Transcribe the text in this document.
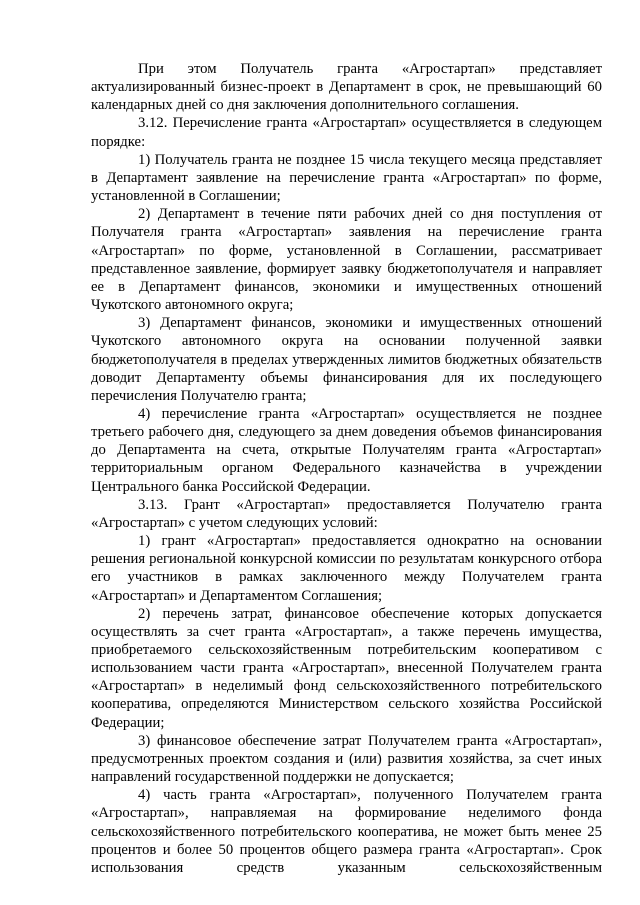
При этом Получатель гранта «Агростартап» представляет актуализированный бизнес-проект в Департамент в срок, не превышающий 60 календарных дней со дня заключения дополнительного соглашения.

3.12. Перечисление гранта «Агростартап» осуществляется в следующем порядке:

1) Получатель гранта не позднее 15 числа текущего месяца представляет в Департамент заявление на перечисление гранта «Агростартап» по форме, установленной в Соглашении;

2) Департамент в течение пяти рабочих дней со дня поступления от Получателя гранта «Агростартап» заявления на перечисление гранта «Агростартап» по форме, установленной в Соглашении, рассматривает представленное заявление, формирует заявку бюджетополучателя и направляет ее в Департамент финансов, экономики и имущественных отношений Чукотского автономного округа;

3) Департамент финансов, экономики и имущественных отношений Чукотского автономного округа на основании полученной заявки бюджетополучателя в пределах утвержденных лимитов бюджетных обязательств доводит Департаменту объемы финансирования для их последующего перечисления Получателю гранта;

4) перечисление гранта «Агростартап» осуществляется не позднее третьего рабочего дня, следующего за днем доведения объемов финансирования до Департамента на счета, открытые Получателям гранта «Агростартап» территориальным органом Федерального казначейства в учреждении Центрального банка Российской Федерации.

3.13. Грант «Агростартап» предоставляется Получателю гранта «Агростартап» с учетом следующих условий:

1) грант «Агростартап» предоставляется однократно на основании решения региональной конкурсной комиссии по результатам конкурсного отбора его участников в рамках заключенного между Получателем гранта «Агростартап» и Департаментом Соглашения;

2) перечень затрат, финансовое обеспечение которых допускается осуществлять за счет гранта «Агростартап», а также перечень имущества, приобретаемого сельскохозяйственным потребительским кооперативом с использованием части гранта «Агростартап», внесенной Получателем гранта «Агростартап» в неделимый фонд сельскохозяйственного потребительского кооператива, определяются Министерством сельского хозяйства Российской Федерации;

3) финансовое обеспечение затрат Получателем гранта «Агростартап», предусмотренных проектом создания и (или) развития хозяйства, за счет иных направлений государственной поддержки не допускается;

4) часть гранта «Агростартап», полученного Получателем гранта «Агростартап», направляемая на формирование неделимого фонда сельскохозяйственного потребительского кооператива, не может быть менее 25 процентов и более 50 процентов общего размера гранта «Агростартап». Срок использования средств указанным сельскохозяйственным
